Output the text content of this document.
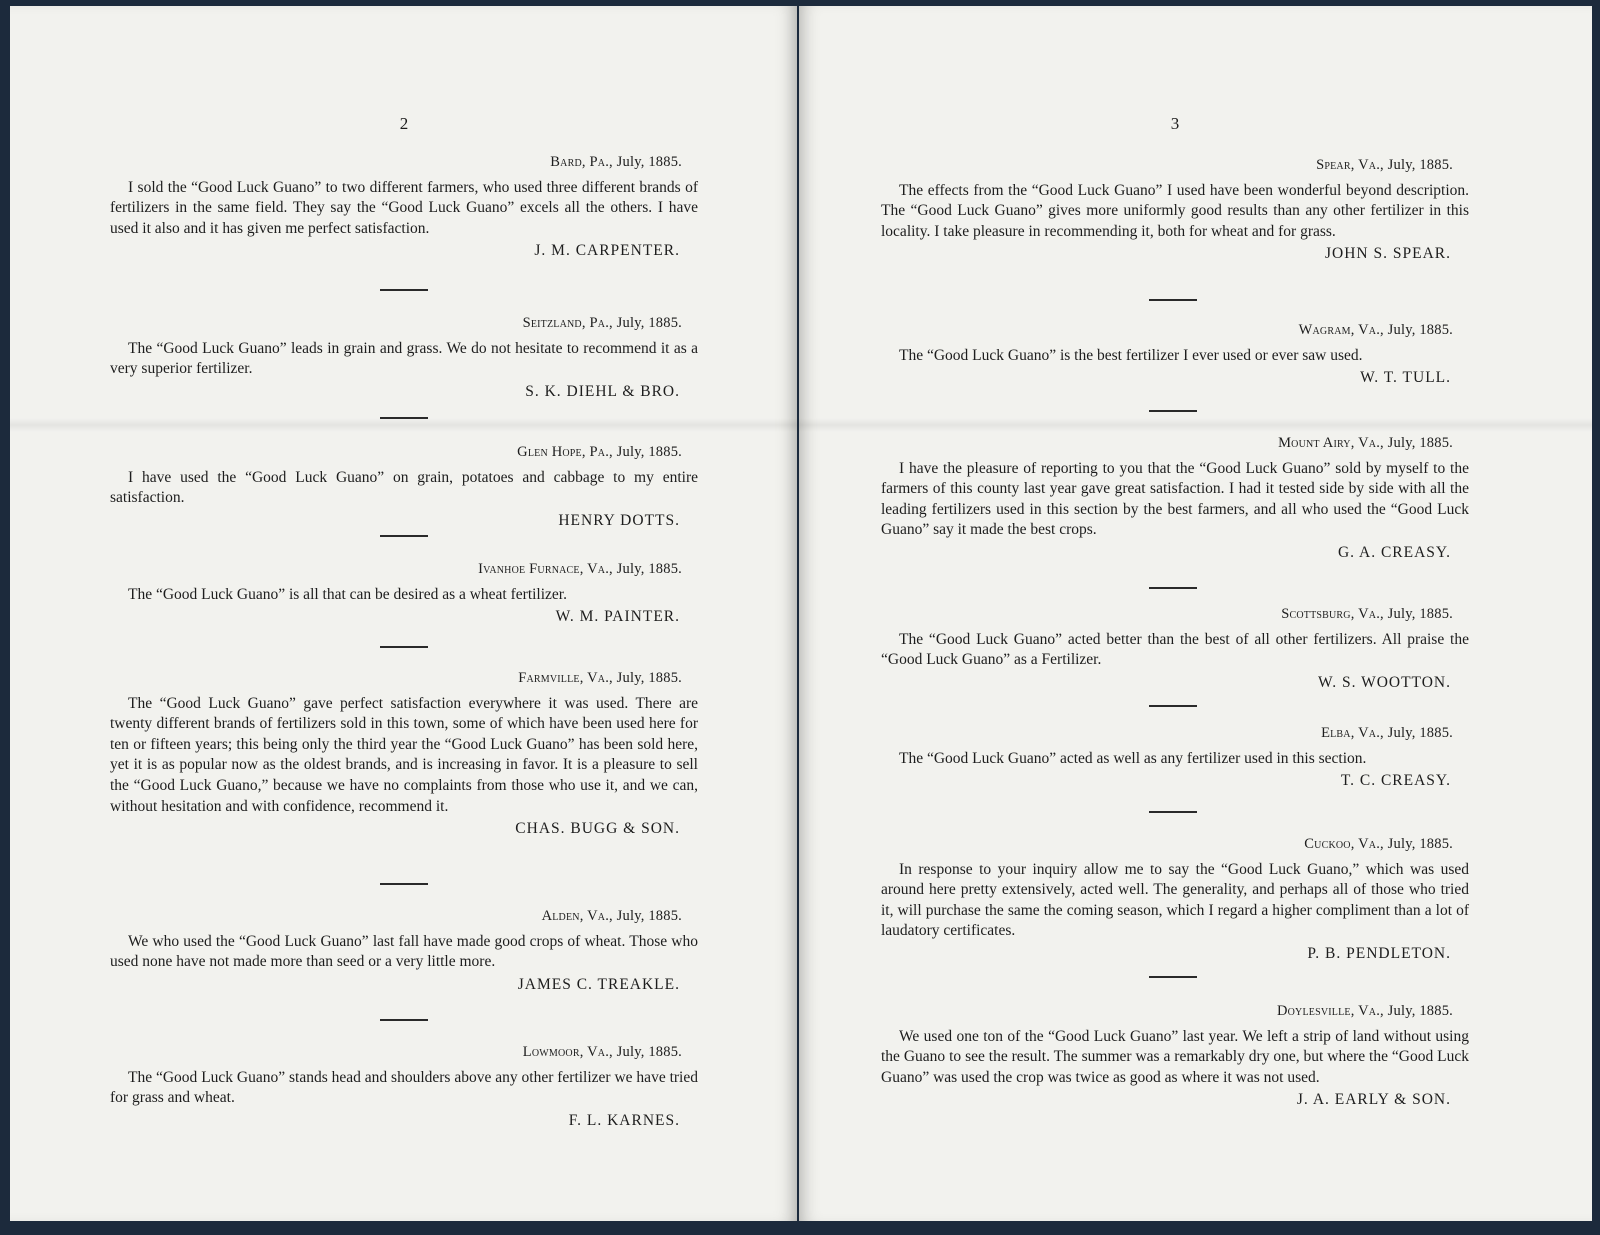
2
Bard, Pa., July, 1885.

I sold the “Good Luck Guano” to two different farmers, who used three different brands of fertilizers in the same field. They say the “Good Luck Guano” excels all the others. I have used it also and it has given me perfect satisfaction.

J. M. CARPENTER.
Seitzland, Pa., July, 1885.

The “Good Luck Guano” leads in grain and grass. We do not hesitate to recommend it as a very superior fertilizer.

S. K. DIEHL & BRO.
Glen Hope, Pa., July, 1885.

I have used the “Good Luck Guano” on grain, potatoes and cabbage to my entire satisfaction.

HENRY DOTTS.
Ivanhoe Furnace, Va., July, 1885.

The “Good Luck Guano” is all that can be desired as a wheat fertilizer.

W. M. PAINTER.
Farmville, Va., July, 1885.

The “Good Luck Guano” gave perfect satisfaction everywhere it was used. There are twenty different brands of fertilizers sold in this town, some of which have been used here for ten or fifteen years; this being only the third year the “Good Luck Guano” has been sold here, yet it is as popular now as the oldest brands, and is increasing in favor. It is a pleasure to sell the “Good Luck Guano,” because we have no complaints from those who use it, and we can, without hesitation and with confidence, recommend it.

CHAS. BUGG & SON.
Alden, Va., July, 1885.

We who used the “Good Luck Guano” last fall have made good crops of wheat. Those who used none have not made more than seed or a very little more.

JAMES C. TREAKLE.
Lowmoor, Va., July, 1885.

The “Good Luck Guano” stands head and shoulders above any other fertilizer we have tried for grass and wheat.

F. L. KARNES.
3
Spear, Va., July, 1885.

The effects from the “Good Luck Guano” I used have been wonderful beyond description. The “Good Luck Guano” gives more uniformly good results than any other fertilizer in this locality. I take pleasure in recommending it, both for wheat and for grass.

JOHN S. SPEAR.
Wagram, Va., July, 1885.

The “Good Luck Guano” is the best fertilizer I ever used or ever saw used.

W. T. TULL.
Mount Airy, Va., July, 1885.

I have the pleasure of reporting to you that the “Good Luck Guano” sold by myself to the farmers of this county last year gave great satisfaction. I had it tested side by side with all the leading fertilizers used in this section by the best farmers, and all who used the “Good Luck Guano” say it made the best crops.

G. A. CREASY.
Scottsburg, Va., July, 1885.

The “Good Luck Guano” acted better than the best of all other fertilizers. All praise the “Good Luck Guano” as a Fertilizer.

W. S. WOOTTON.
Elba, Va., July, 1885.

The “Good Luck Guano” acted as well as any fertilizer used in this section.

T. C. CREASY.
Cuckoo, Va., July, 1885.

In response to your inquiry allow me to say the “Good Luck Guano,” which was used around here pretty extensively, acted well. The generality, and perhaps all of those who tried it, will purchase the same the coming season, which I regard a higher compliment than a lot of laudatory certificates.

P. B. PENDLETON.
Doylesville, Va., July, 1885.

We used one ton of the “Good Luck Guano” last year. We left a strip of land without using the Guano to see the result. The summer was a remarkably dry one, but where the “Good Luck Guano” was used the crop was twice as good as where it was not used.

J. A. EARLY & SON.
